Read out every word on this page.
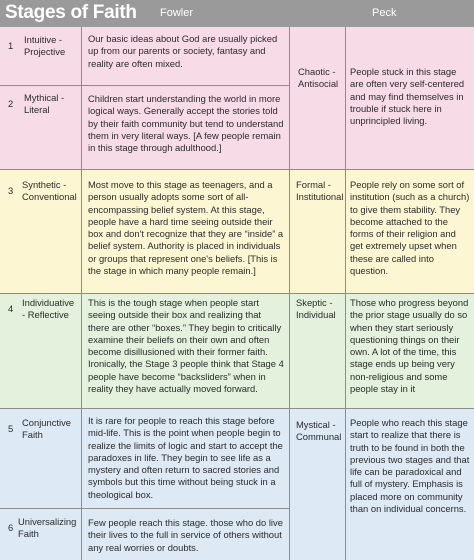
Stages of Faith Fowler	Peck
1
Intuitive -
Projective
Our basic ideas about God are usually picked up from our parents or society, fantasy and reality are often mixed.
2
Mythical -
Literal
Children start understanding the world in more logical ways. Generally accept the stories told by their faith community but tend to understand them in very literal ways. [A few people remain in this stage through adulthood.]
3
Synthetic -
Conventional
Most move to this stage as teenagers, and a person usually adopts some sort of all-encompassing belief system. At this stage, people have a hard time seeing outside their box and don't recognize that they are “inside” a belief system. Authority is placed in individuals or groups that represent one's beliefs. [This is the stage in which many people remain.]
4
Individuative
- Reflective
This is the tough stage when people start seeing outside their box and realizing that there are other “boxes.” They begin to critically examine their beliefs on their own and often become disillusioned with their former faith. Ironically, the Stage 3 people think that Stage 4 people have become “backsliders” when in reality they have actually moved forward.
5
Conjunctive
Faith
It is rare for people to reach this stage before mid-life. This is the point when people begin to realize the limits of logic and start to accept the paradoxes in life. They begin to see life as a mystery and often return to sacred stories and symbols but this time without being stuck in a theological box.
6
Universalizing
Faith
Few people reach this stage. those who do live their lives to the full in service of others without any real worries or doubts.
Chaotic -
Antisocial
People stuck in this stage are often very self-centered and may find themselves in trouble if stuck here in unprincipled living.
Formal -
Institutional
People rely on some sort of institution (such as a church) to give them stability. They become attached to the forms of their religion and get extremely upset when these are called into question.
Skeptic -
Individual
Those who progress beyond the prior stage usually do so when they start seriously questioning things on their own. A lot of the time, this stage ends up being very non-religious and some people stay in it
Mystical -
Communal
People who reach this stage start to realize that there is truth to be found in both the previous two stages and that life can be paradoxical and full of mystery. Emphasis is placed more on community than on individual concerns.
